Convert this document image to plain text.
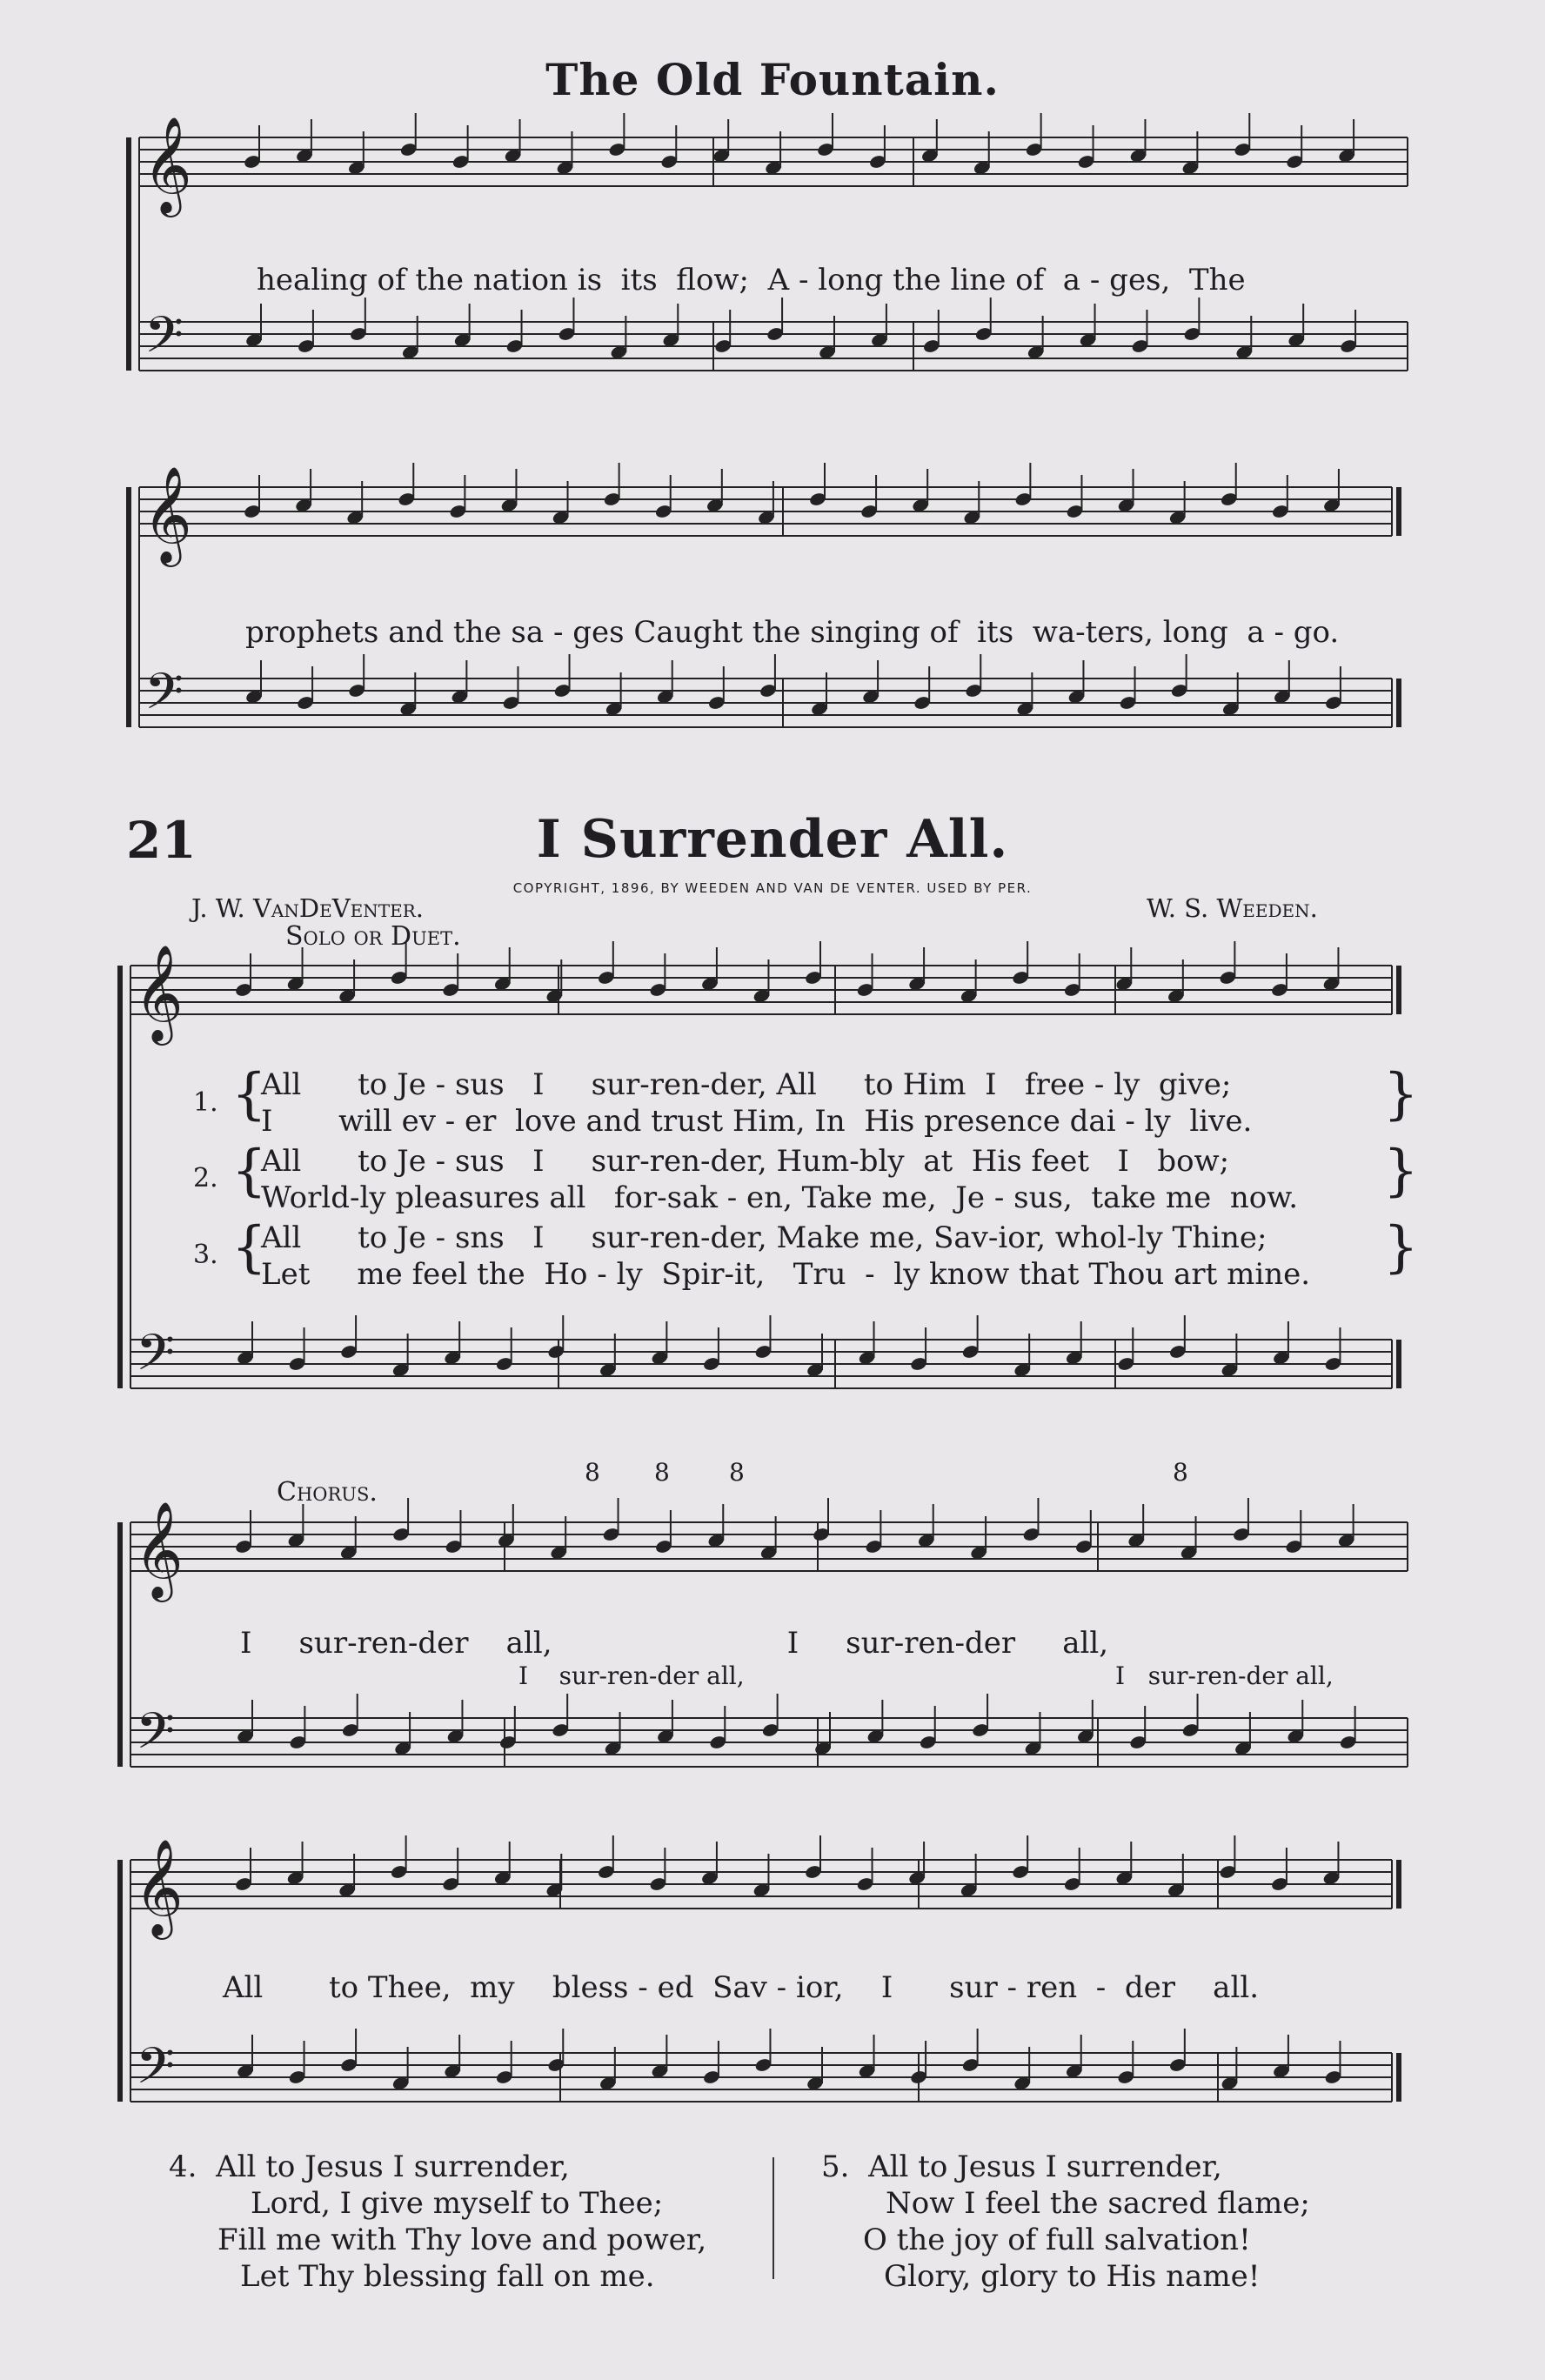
The Old Fountain.
𝄞
𝄢
𝄞
𝄢
𝄞
𝄢
𝄞
𝄢
𝄞
𝄢
healing of the nation is  its  flow;  A - long the line of  a - ges,  The
prophets and the sa - ges Caught the singing of  its  wa-ters, long  a - go.
21	I Surrender All.
COPYRIGHT, 1896, BY WEEDEN AND VAN DE VENTER. USED BY PER.
J. W. VanDeVenter.	W. S. Weeden.
Solo or Duet.
1. {
All      to Je - sus   I     sur-ren-der, All     to Him  I   free - ly  give;
I       will ev - er  love and trust Him, In  His presence dai - ly  live. }
2. {
All      to Je - sus   I     sur-ren-der, Hum-bly  at  His feet   I   bow;
World-ly pleasures all   for-sak - en, Take me,  Je - sus,  take me  now. }
3. {
All      to Je - sns   I     sur-ren-der, Make me, Sav-ior, whol-ly Thine;
Let     me feel the  Ho - ly  Spir-it,   Tru  -  ly know that Thou art mine. }
8 8 8	8
Chorus.
I     sur-ren-der    all,                         I     sur-ren-der     all,
I    sur-ren-der all,	I   sur-ren-der all,
All       to Thee,  my    bless - ed  Sav - ior,    I      sur - ren  -  der    all.
4. All to Jesus I surrender,

Lord, I give myself to Thee;
Fill me with Thy love and power,
Let Thy blessing fall on me.
5. All to Jesus I surrender,

Now I feel the sacred flame;
O the joy of full salvation!
Glory, glory to His name!
